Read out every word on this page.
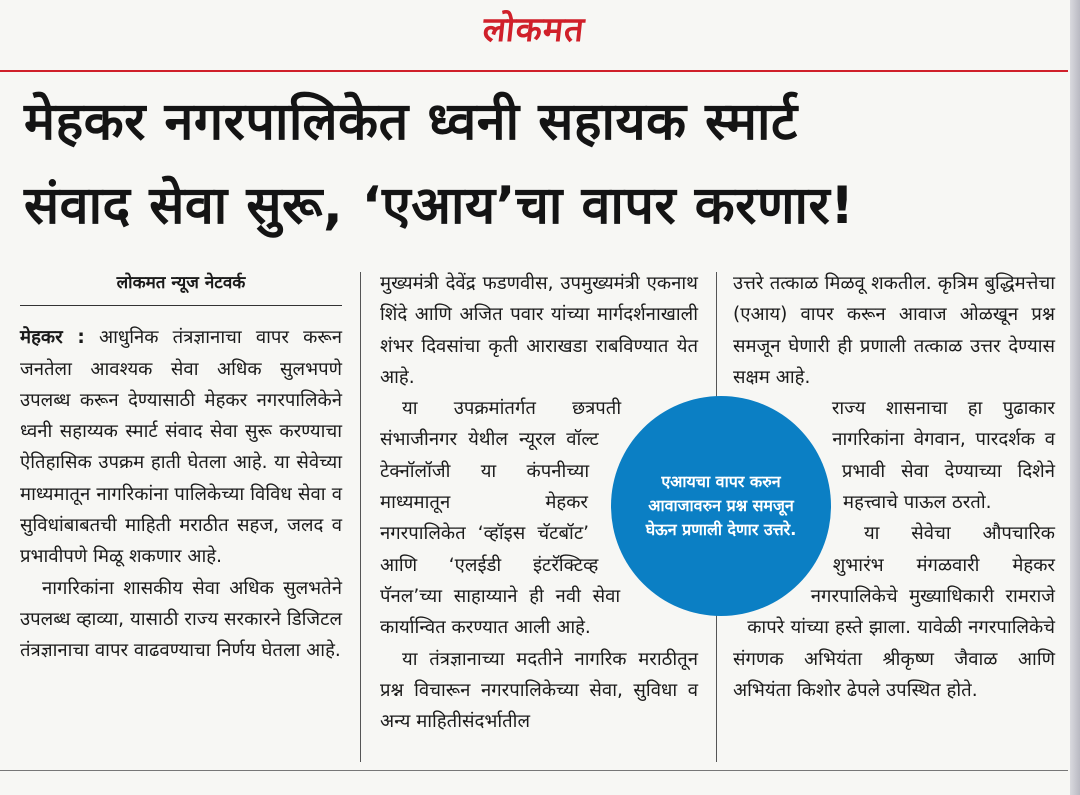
लोकमत
मेहकर नगरपालिकेत ध्वनी सहायक स्मार्ट
संवाद सेवा सुरू, ‘एआय’चा वापर करणार!
लोकमत न्यूज नेटवर्क

मेहकर : आधुनिक तंत्रज्ञानाचा वापर करून जनतेला आवश्यक सेवा अधिक सुलभपणे उपलब्ध करून देण्यासाठी मेहकर नगरपालिकेने ध्वनी सहाय्यक स्मार्ट संवाद सेवा सुरू करण्याचा ऐतिहासिक उपक्रम हाती घेतला आहे. या सेवेच्या माध्यमातून नागरिकांना पालिकेच्या विविध सेवा व सुविधांबाबतची माहिती मराठीत सहज, जलद व प्रभावीपणे मिळू शकणार आहे.

नागरिकांना शासकीय सेवा अधिक सुलभतेने उपलब्ध व्हाव्या, यासाठी राज्य सरकारने डिजिटल तंत्रज्ञानाचा वापर वाढवण्याचा निर्णय घेतला आहे.

मुख्यमंत्री देवेंद्र फडणवीस, उपमुख्यमंत्री एकनाथ शिंदे आणि अजित पवार यांच्या मार्गदर्शनाखाली शंभर दिवसांचा कृती आराखडा राबविण्यात येत आहे.

या उपक्रमांतर्गत छत्रपती संभाजीनगर येथील न्यूरल वॉल्ट टेक्नॉलॉजी या कंपनीच्या माध्यमातून मेहकर नगरपालिकेत ‘व्हॉइस चॅटबॉट’ आणि ‘एलईडी इंटरॅक्टिव्ह पॅनल’च्या साहाय्याने ही नवी सेवा कार्यान्वित करण्यात आली आहे.

या तंत्रज्ञानाच्या मदतीने नागरिक मराठीतून प्रश्न विचारून नगरपालिकेच्या सेवा, सुविधा व अन्य माहितीसंदर्भातील

उत्तरे तत्काळ मिळवू शकतील. कृत्रिम बुद्धिमत्तेचा (एआय) वापर करून आवाज ओळखून प्रश्न समजून घेणारी ही प्रणाली तत्काळ उत्तर देण्यास सक्षम आहे.

राज्य शासनाचा हा पुढाकार नागरिकांना वेगवान, पारदर्शक व प्रभावी सेवा देण्याच्या दिशेने महत्त्वाचे पाऊल ठरतो.

या सेवेचा औपचारिक शुभारंभ मंगळवारी मेहकर नगरपालिकेचे मुख्याधिकारी रामराजे कापरे यांच्या हस्ते झाला. यावेळी नगरपालिकेचे संगणक अभियंता श्रीकृष्ण जैवाळ आणि अभियंता किशोर ढेपले उपस्थित होते.

एआयचा वापर करुन आवाजावरुन प्रश्न समजून घेऊन प्रणाली देणार उत्तरे.
